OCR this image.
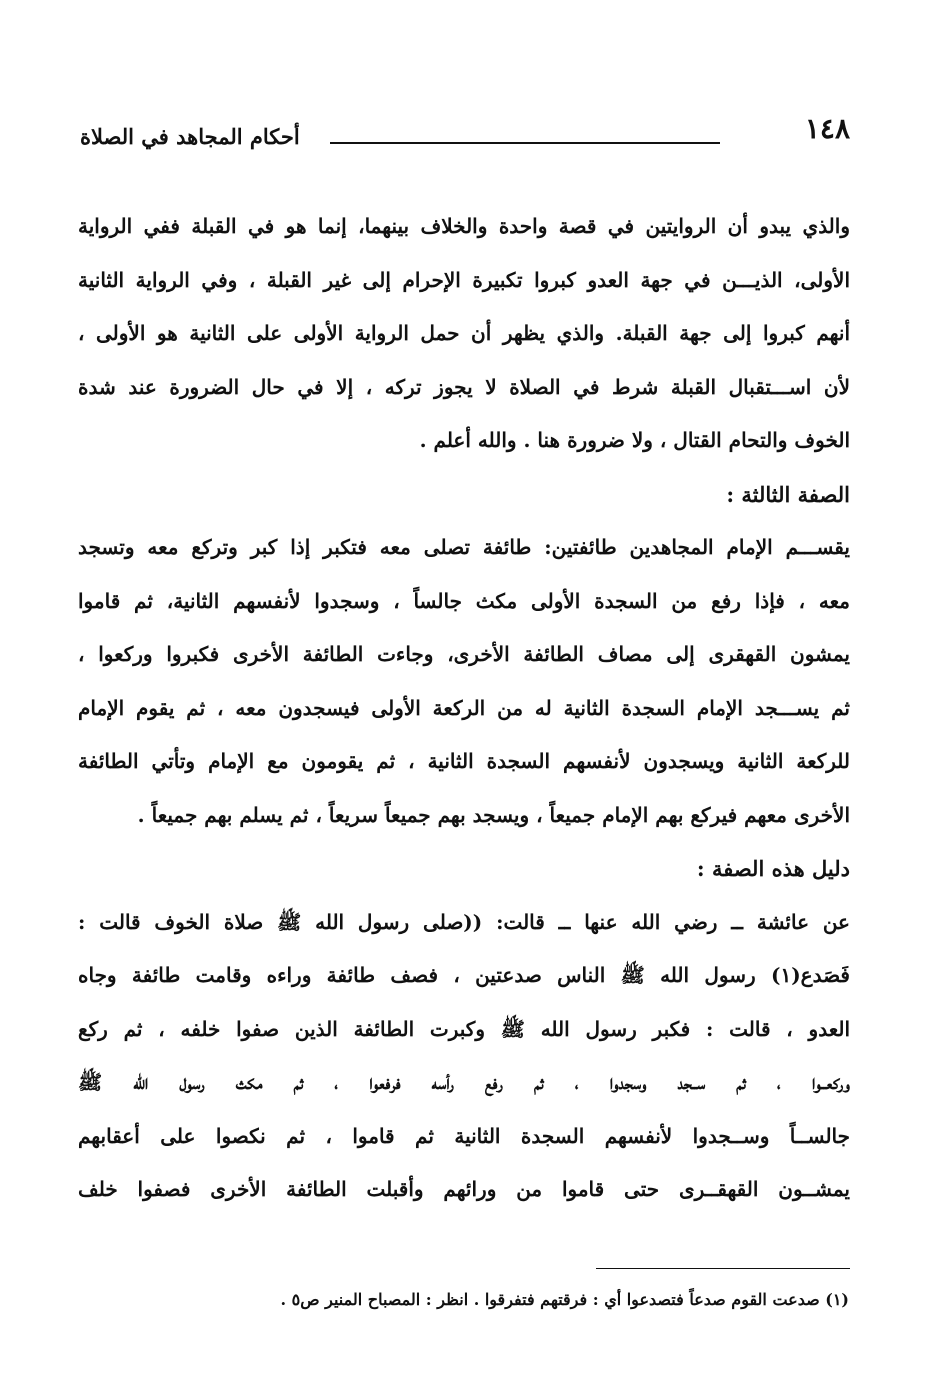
١٤٨
أحكام المجاهد في الصلاة
والذي يبدو أن الروايتين في قصة واحدة والخلاف بينهما، إنما هو في القبلة ففي الرواية
الأولى، الذيـــن في جهة العدو كبروا تكبيرة الإحرام إلى غير القبلة ، وفي الرواية الثانية
أنهم كبروا إلى جهة القبلة. والذي يظهر أن حمل الرواية الأولى على الثانية هو الأولى ،
لأن اســـتقبال القبلة شرط في الصلاة لا يجوز تركه ، إلا في حال الضرورة عند شدة
الخوف والتحام القتال ، ولا ضرورة هنا . والله أعلم .
الصفة الثالثة :
يقســـم الإمام المجاهدين طائفتين: طائفة تصلى معه فتكبر إذا كبر وتركع معه وتسجد
معه ، فإذا رفع من السجدة الأولى مكث جالساً ، وسجدوا لأنفسهم الثانية، ثم قاموا
يمشون القهقرى إلى مصاف الطائفة الأخرى، وجاءت الطائفة الأخرى فكبروا وركعوا ،
ثم يســـجد الإمام السجدة الثانية له من الركعة الأولى فيسجدون معه ، ثم يقوم الإمام
للركعة الثانية ويسجدون لأنفسهم السجدة الثانية ، ثم يقومون مع الإمام وتأتي الطائفة
الأخرى معهم فيركع بهم الإمام جميعاً ، ويسجد بهم جميعاً سريعاً ، ثم يسلم بهم جميعاً .
دليل هذه الصفة :
عن عائشة ــ رضي الله عنها ــ قالت: ((صلى رسول الله ﷺ صلاة الخوف قالت :
فَصَدع(١) رسول الله ﷺ الناس صدعتين ، فصف طائفة وراءه وقامت طائفة وجاه
العدو ، قالت : فكبر رسول الله ﷺ وكبرت الطائفة الذين صفوا خلفه ، ثم ركع
وركعــوا ، ثم ســجد وسجدوا ، ثم رفع رأسه فرفعوا ، ثم مكث رسول الله ﷺ
جالســاً وســجدوا لأنفسهم السجدة الثانية ثم قاموا ، ثم نكصوا على أعقابهم
يمشــون القهقــرى حتى قاموا من ورائهم وأقبلت الطائفة الأخرى فصفوا خلف
(١) صدعت القوم صدعاً فتصدعوا أي : فرقتهم فتفرقوا . انظر : المصباح المنير ص٥ .
